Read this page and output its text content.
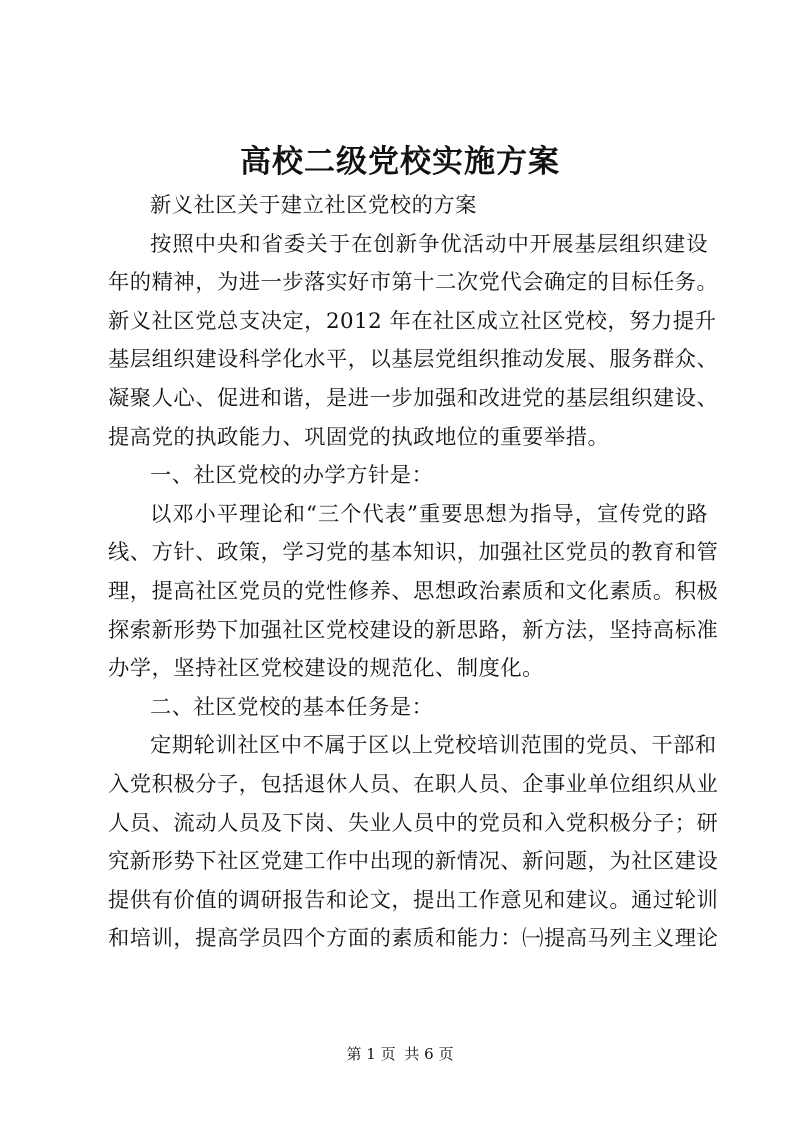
高校二级党校实施方案
新义社区关于建立社区党校的方案
按照中央和省委关于在创新争优活动中开展基层组织建设
年的精神，为进一步落实好市第十二次党代会确定的目标任务。
新义社区党总支决定，2012 年在社区成立社区党校，努力提升
基层组织建设科学化水平，以基层党组织推动发展、服务群众、
凝聚人心、促进和谐，是进一步加强和改进党的基层组织建设、
提高党的执政能力、巩固党的执政地位的重要举措。
一、社区党校的办学方针是：
以邓小平理论和“三个代表”重要思想为指导，宣传党的路
线、方针、政策，学习党的基本知识，加强社区党员的教育和管
理，提高社区党员的党性修养、思想政治素质和文化素质。积极
探索新形势下加强社区党校建设的新思路，新方法，坚持高标准
办学，坚持社区党校建设的规范化、制度化。
二、社区党校的基本任务是：
定期轮训社区中不属于区以上党校培训范围的党员、干部和
入党积极分子，包括退休人员、在职人员、企事业单位组织从业
人员、流动人员及下岗、失业人员中的党员和入党积极分子；研
究新形势下社区党建工作中出现的新情况、新问题，为社区建设
提供有价值的调研报告和论文，提出工作意见和建议。通过轮训
和培训，提高学员四个方面的素质和能力：㈠提高马列主义理论
第 1 页 共 6 页
